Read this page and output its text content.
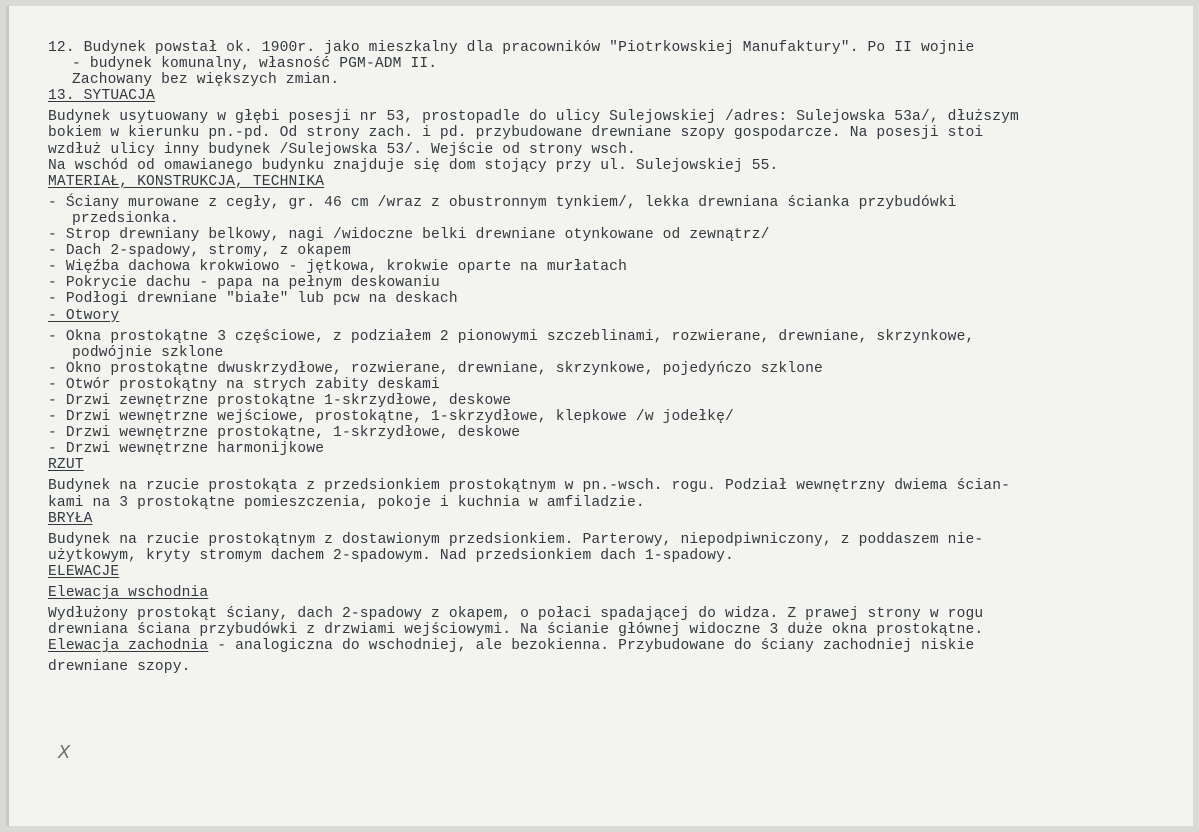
12. Budynek powstał ok. 1900r. jako mieszkalny dla pracowników "Piotrkowskiej Manufaktury". Po II wojnie
- budynek komunalny, własność PGM-ADM II.
Zachowany bez większych zmian.
13. SYTUACJA
Budynek usytuowany w głębi posesji nr 53, prostopadle do ulicy Sulejowskiej /adres: Sulejowska 53a/, dłuższym
bokiem w kierunku pn.-pd. Od strony zach. i pd. przybudowane drewniane szopy gospodarcze. Na posesji stoi
wzdłuż ulicy inny budynek /Sulejowska 53/. Wejście od strony wsch.
Na wschód od omawianego budynku znajduje się dom stojący przy ul. Sulejowskiej 55.
MATERIAŁ, KONSTRUKCJA, TECHNIKA
- Ściany murowane z cegły, gr. 46 cm /wraz z obustronnym tynkiem/, lekka drewniana ścianka przybudówki
przedsionka.
- Strop drewniany belkowy, nagi /widoczne belki drewniane otynkowane od zewnątrz/
- Dach 2-spadowy, stromy, z okapem
- Więźba dachowa krokwiowo - jętkowa, krokwie oparte na murłatach
- Pokrycie dachu - papa na pełnym deskowaniu
- Podłogi drewniane "białe" lub pcw na deskach
- Otwory
- Okna prostokątne 3 częściowe, z podziałem 2 pionowymi szczeblinami, rozwierane, drewniane, skrzynkowe,
podwójnie szklone
- Okno prostokątne dwuskrzydłowe, rozwierane, drewniane, skrzynkowe, pojedyńczo szklone
- Otwór prostokątny na strych zabity deskami
- Drzwi zewnętrzne prostokątne 1-skrzydłowe, deskowe
- Drzwi wewnętrzne wejściowe, prostokątne, 1-skrzydłowe, klepkowe /w jodełkę/
- Drzwi wewnętrzne prostokątne, 1-skrzydłowe, deskowe
- Drzwi wewnętrzne harmonijkowe
RZUT
Budynek na rzucie prostokąta z przedsionkiem prostokątnym w pn.-wsch. rogu. Podział wewnętrzny dwiema ścian-
kami na 3 prostokątne pomieszczenia, pokoje i kuchnia w amfiladzie.
BRYŁA
Budynek na rzucie prostokątnym z dostawionym przedsionkiem. Parterowy, niepodpiwniczony, z poddaszem nie-
użytkowym, kryty stromym dachem 2-spadowym. Nad przedsionkiem dach 1-spadowy.
ELEWACJE
Elewacja wschodnia
Wydłużony prostokąt ściany, dach 2-spadowy z okapem, o połaci spadającej do widza. Z prawej strony w rogu
drewniana ściana przybudówki z drzwiami wejściowymi. Na ścianie głównej widoczne 3 duże okna prostokątne.
Elewacja zachodnia - analogiczna do wschodniej, ale bezokienna. Przybudowane do ściany zachodniej niskie
drewniane szopy.
X
